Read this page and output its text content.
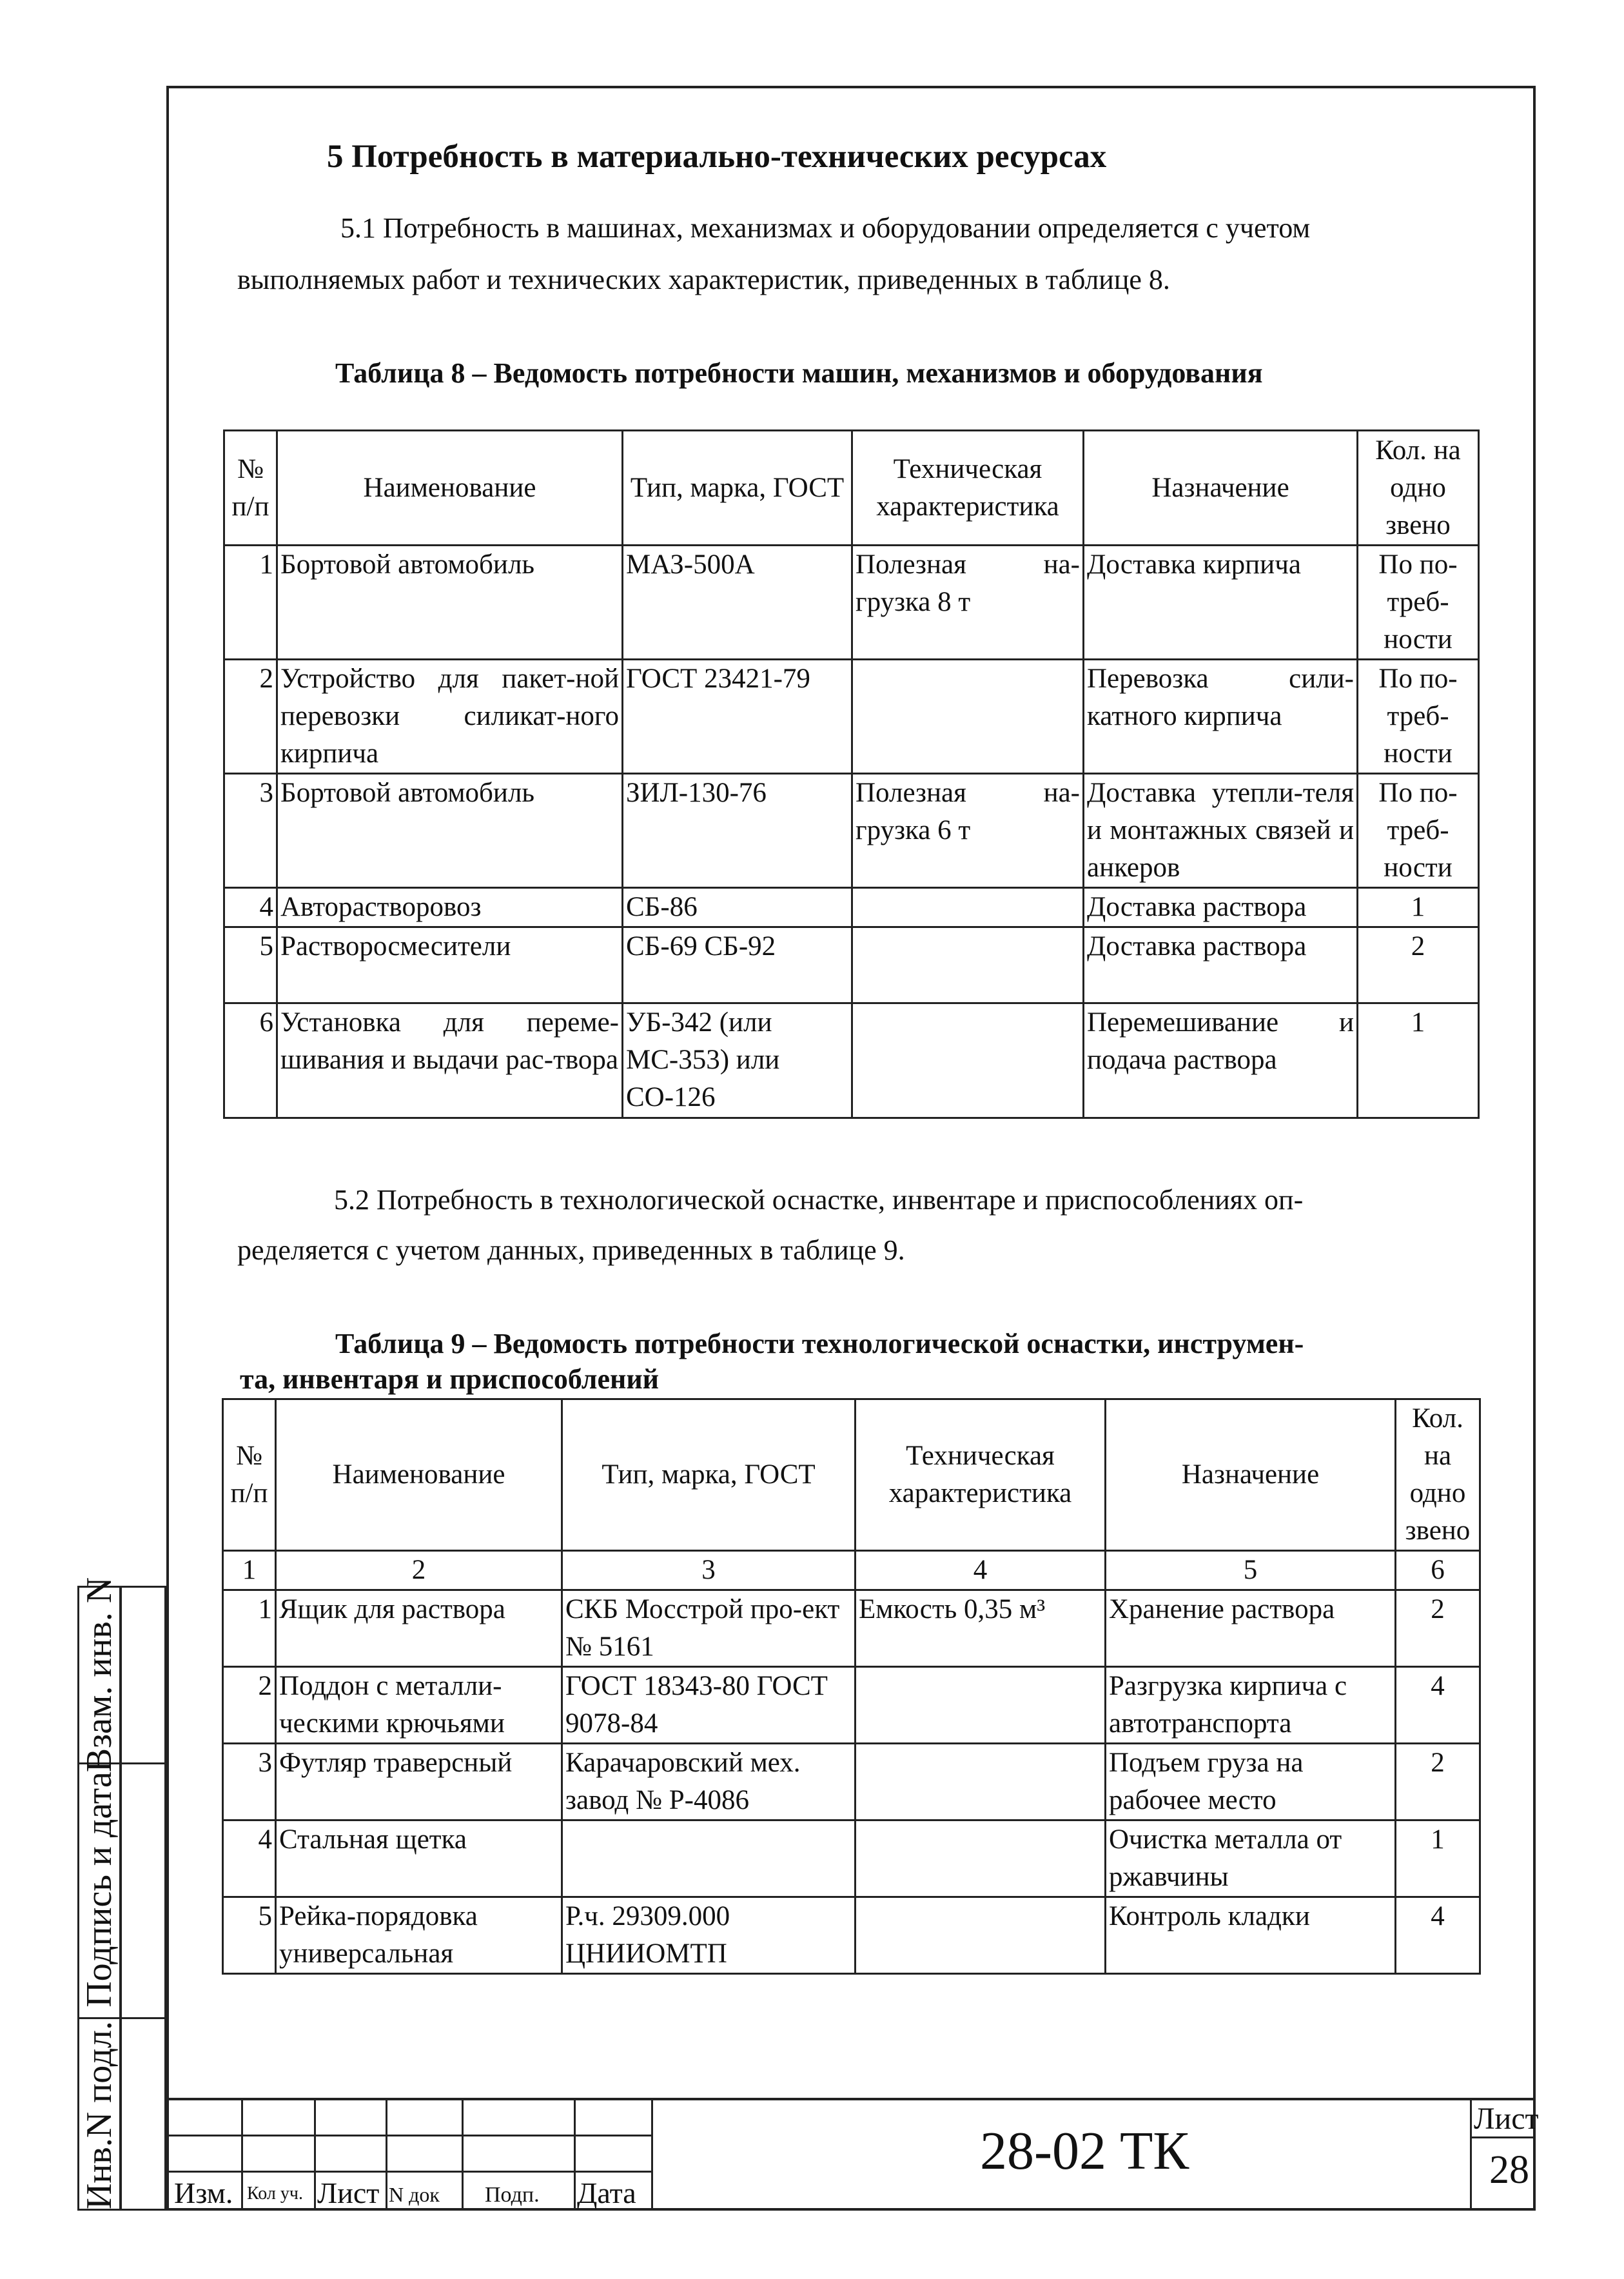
Взам. инв. N
Подпись и дата
Инв.N подл.
5 Потребность в материально-технических ресурсах
5.1 Потребность в машинах, механизмах и оборудовании определяется с учетом
выполняемых работ и технических характеристик, приведенных в таблице 8.
Таблица 8 – Ведомость потребности машин, механизмов и оборудования
№ п/п	Наименование	Тип, марка, ГОСТ	Техническая характеристика	Назначение	Кол. на одно звено
1	Бортовой автомобиль	МАЗ-500А	Полезная на-грузка 8 т	Доставка кирпича	По по-треб-ности
2	Устройство для пакет-ной перевозки силикат-ного кирпича	ГОСТ 23421-79		Перевозка сили-катного кирпича	По по-треб-ности
3	Бортовой автомобиль	ЗИЛ-130-76	Полезная на-грузка 6 т	Доставка утепли-теля и монтажных связей и анкеров	По по-треб-ности
4	Авторастворовоз	СБ-86		Доставка раствора	1
5	Растворосмесители	СБ-69 СБ-92		Доставка раствора	2
6	Установка для переме-шивания и выдачи рас-твора	УБ-342 (или МС-353) или СО-126		Перемешивание и подача раствора	1
5.2 Потребность в технологической оснастке, инвентаре и приспособлениях оп-
ределяется с учетом данных, приведенных в таблице 9.
Таблица 9 – Ведомость потребности технологической оснастки, инструмен-
та, инвентаря и приспособлений
№ п/п	Наименование	Тип, марка, ГОСТ	Техническая характеристика	Назначение	Кол. на одно звено
1	2	3	4	5	6
1	Ящик для раствора	СКБ Мосстрой про-ект № 5161	Емкость 0,35 м³	Хранение раствора	2
2	Поддон с металли-ческими крючьями	ГОСТ 18343-80 ГОСТ 9078-84		Разгрузка кирпича с автотранспорта	4
3	Футляр траверсный	Карачаровский мех. завод № Р-4086		Подъем груза на рабочее место	2
4	Стальная щетка			Очистка металла от ржавчины	1
5	Рейка-порядовка универсальная	Р.ч. 29309.000 ЦНИИОМТП		Контроль кладки	4
Изм. Кол уч. Лист N док Подп. Дата
28-02 ТК
Лист
28
